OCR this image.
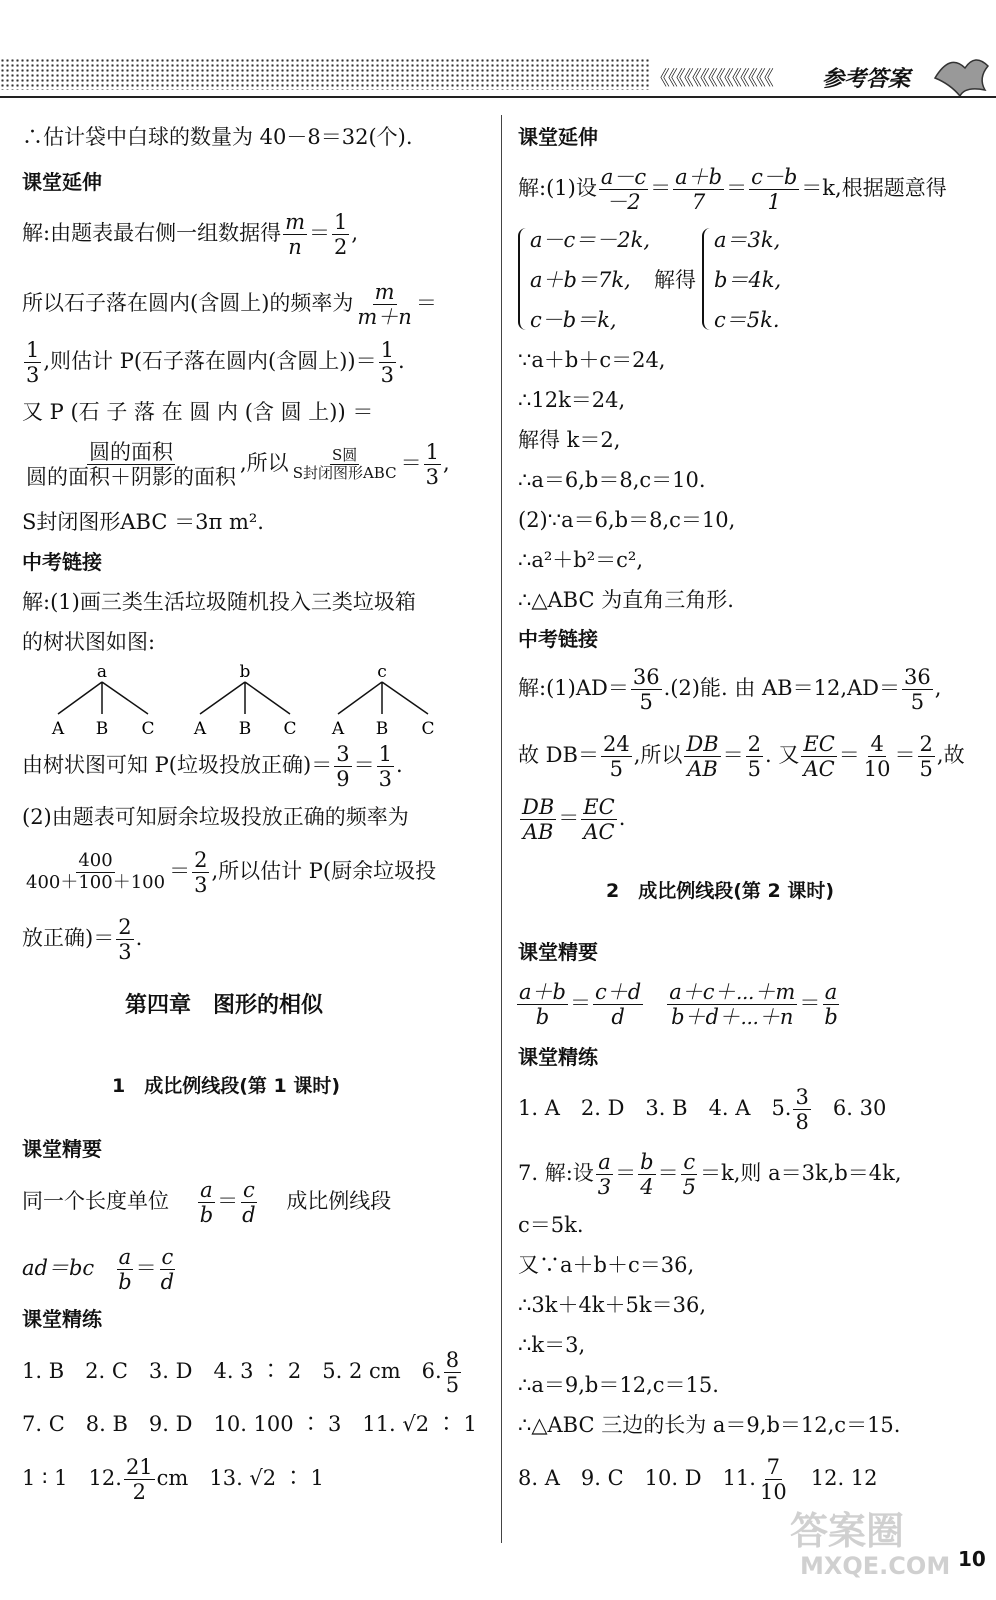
《《《《《《《《《《《《《《 参考答案
∴估计袋中白球的数量为 40－8＝32(个).
课堂延伸
解:由题表最右侧一组数据得 $\frac{m}{n} = \frac{1}{2}$ ,
所以石子落在圆内(含圆上)的频率为 $\frac{m}{m+n}$ ＝
$\frac{1}{3}$ ,则估计 P(石子落在圆内(含圆上))＝ $\frac{1}{3}$ .
又 P (石 子 落 在 圆 内 (含 圆 上)) ＝
$\frac{\text{圆的面积}}{\text{圆的面积＋阴影的面积}}$ ,所以 $\frac{\text{S圆}}{\text{S封闭图形ABC}} = \frac{1}{3}$ ,
S封闭图形ABC ＝3π m².
中考链接
解:(1)画三类生活垃圾随机投入三类垃圾箱
的树状图如图:
a
A B C
b
A B C
c
A B C
由树状图可知 P(垃圾投放正确)＝ $\frac{3}{9} = \frac{1}{3}$ .
(2)由题表可知厨余垃圾投放正确的频率为
$\frac{400}{400+100+100} = \frac{2}{3}$ ,所以估计 P(厨余垃圾投
放正确)＝ $\frac{2}{3}$ .
第四章　图形的相似
1　成比例线段(第 1 课时)
课堂精要
同一个长度单位 $\frac{a}{b} = \frac{c}{d}$ 成比例线段
$ad=bc \frac{a}{b} = \frac{c}{d}$
课堂精练
1. B　2. C　3. D　4. 3 ∶ 2　5. 2 cm　6. $\frac{8}{5}$
7. C　8. B　9. D　10. 100 ∶ 3　11. √2 ∶ 1
1 ∶ 1　12. $\frac{21}{2}$ cm　13. √2 ∶ 1
课堂延伸
解:(1)设 $\frac{a-c}{-2} = \frac{a+b}{7} = \frac{c-b}{1} =k$,根据题意得
a－c＝－2k,
a＋b＝7k,
c－b＝k,
解得
a＝3k,
b＝4k,
c＝5k.
∵a＋b＋c＝24,
∴12k＝24,
解得 k＝2,
∴a＝6,b＝8,c＝10.
(2)∵a＝6,b＝8,c＝10,
∴a²＋b²＝c²,
∴△ABC 为直角三角形.
中考链接
解:(1)AD＝ $\frac{36}{5} .(2)$能. 由 $AB=12,AD= \frac{36}{5}$ ,
故 $DB= \frac{24}{5}$ ,所以 $\frac{DB}{AB} = \frac{2}{5}$ . 又 $\frac{EC}{AC} = \frac{4}{10} = \frac{2}{5}$ ,故
$\frac{DB}{AB} = \frac{EC}{AC}$ .
2　成比例线段(第 2 课时)
课堂精要
$\frac{a+b}{b} = \frac{c+d}{d}$
$\frac{a+c+\cdots+m}{b+d+\cdots+n} = \frac{a}{b}$
课堂精练
1. A　2. D　3. B　4. A　5. $\frac{3}{8} 6$. 30
7. 解:设 $\frac{a}{3} = \frac{b}{4} = \frac{c}{5} =k$,则 a＝3k,b＝4k,
c＝5k.
又∵a＋b＋c＝36,
∴3k＋4k＋5k＝36,
∴k＝3,
∴a＝9,b＝12,c＝15.
∴△ABC 三边的长为 a＝9,b＝12,c＝15.
8. A　9. C　10. D　11. $\frac{7}{10} 12$. 12
答案圈
MXQE.COM 10
